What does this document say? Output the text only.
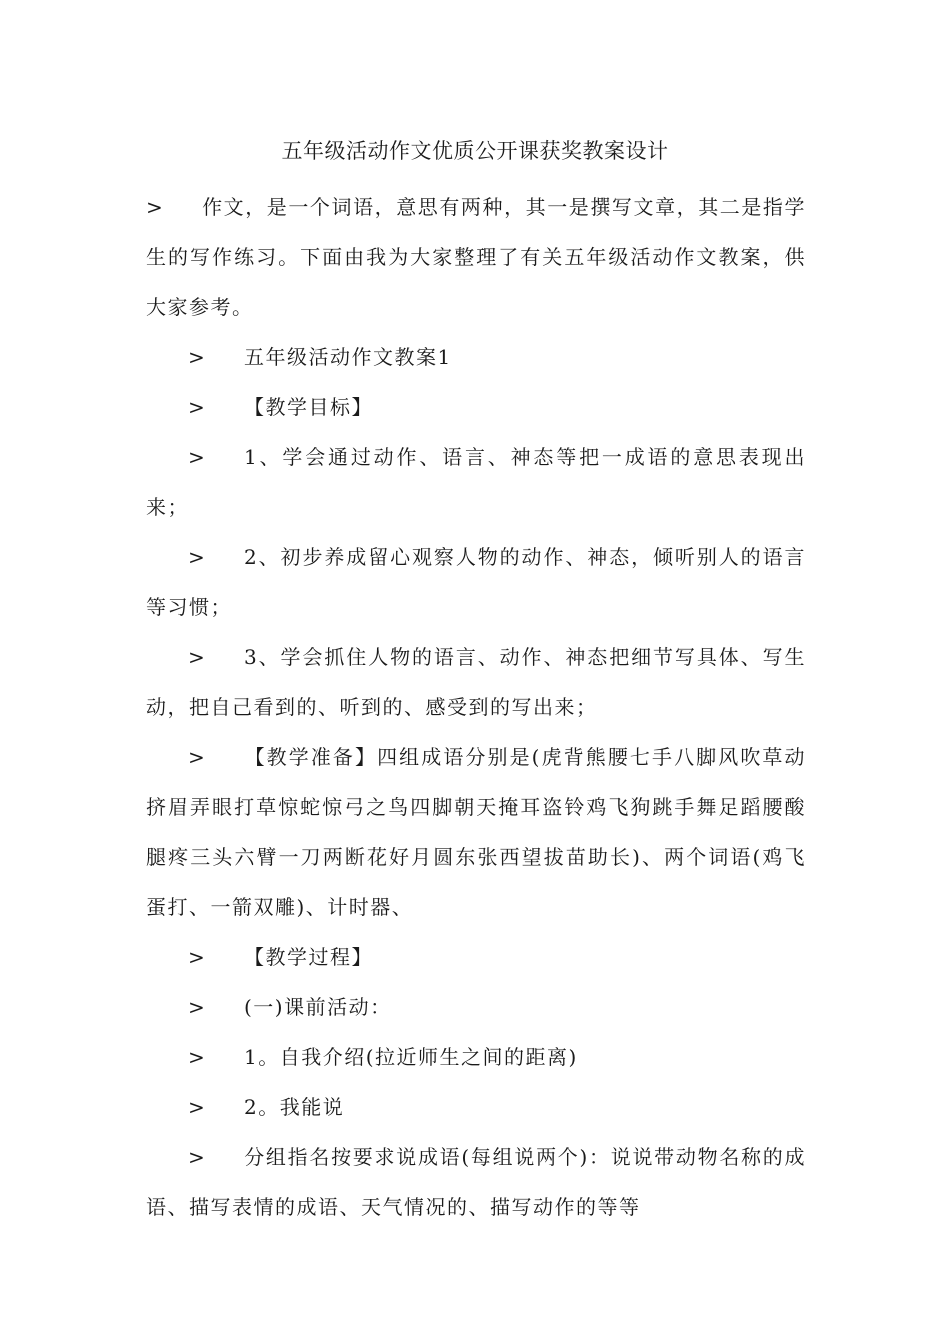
五年级活动作文优质公开课获奖教案设计

> 作文，是一个词语，意思有两种，其一是撰写文章，其二是指学生的写作练习。下面由我为大家整理了有关五年级活动作文教案，供大家参考。

> 五年级活动作文教案1

> 【教学目标】

> 1、学会通过动作、语言、神态等把一成语的意思表现出来；

> 2、初步养成留心观察人物的动作、神态，倾听别人的语言等习惯；

> 3、学会抓住人物的语言、动作、神态把细节写具体、写生动，把自己看到的、听到的、感受到的写出来；

> 【教学准备】四组成语分别是(虎背熊腰七手八脚风吹草动挤眉弄眼打草惊蛇惊弓之鸟四脚朝天掩耳盗铃鸡飞狗跳手舞足蹈腰酸腿疼三头六臂一刀两断花好月圆东张西望拔苗助长)、两个词语(鸡飞蛋打、一箭双雕)、计时器、

> 【教学过程】

> (一)课前活动：

> 1。自我介绍(拉近师生之间的距离)

> 2。我能说

> 分组指名按要求说成语(每组说两个)：说说带动物名称的成语、描写表情的成语、天气情况的、描写动作的等等
